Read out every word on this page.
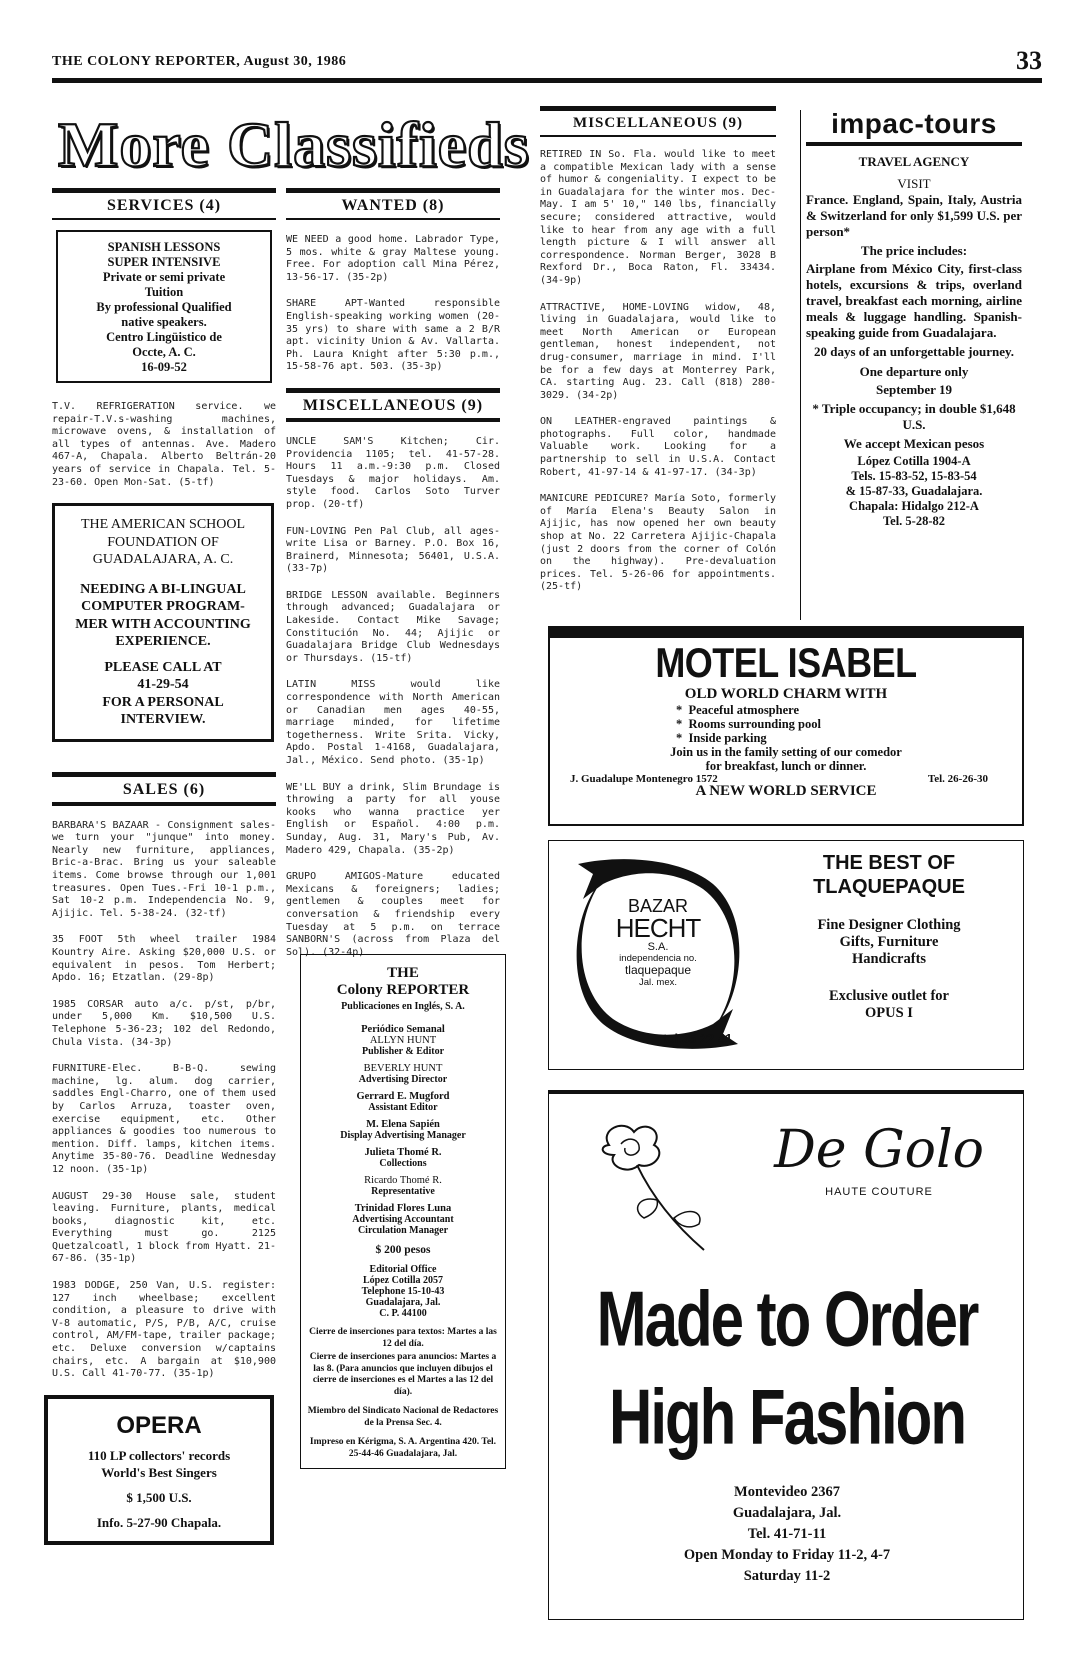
THE COLONY REPORTER, August 30, 1986	33
More Classifieds
SERVICES (4)

SPANISH LESSONS

SUPER INTENSIVE

Private or semi private

Tuition

By professional Qualified

native speakers.

Centro Lingüistico de

Occte, A. C.

16-09-52

T.V. REFRIGERATION service. we repair-T.V.s-washing machines, microwave ovens, & installation of all types of antennas. Ave. Madero 467-A, Chapala. Alberto Beltrán-20 years of service in Chapala. Tel. 5-23-60. Open Mon-Sat. (5-tf)

THE AMERICAN SCHOOL

FOUNDATION OF

GUADALAJARA, A. C.

NEEDING A BI-LINGUAL

COMPUTER PROGRAM-

MER WITH ACCOUNTING

EXPERIENCE.

PLEASE CALL AT

41-29-54

FOR A PERSONAL

INTERVIEW.

SALES (6)

BARBARA'S BAZAAR - Consignment sales-we turn your "junque" into money. Nearly new furniture, appliances, Bric-a-Brac. Bring us your saleable items. Come browse through our 1,001 treasures. Open Tues.-Fri 10-1 p.m., Sat 10-2 p.m. Independencia No. 9, Ajijic. Tel. 5-38-24. (32-tf)

35 FOOT 5th wheel trailer 1984 Kountry Aire. Asking $20,000 U.S. or equivalent in pesos. Tom Herbert; Apdo. 16; Etzatlan. (29-8p)

1985 CORSAR auto a/c. p/st, p/br, under 5,000 Km. $10,500 U.S. Telephone 5-36-23; 102 del Redondo, Chula Vista. (34-3p)

FURNITURE-Elec. B-B-Q. sewing machine, lg. alum. dog carrier, saddles Engl-Charro, one of them used by Carlos Arruza, toaster oven, exercise equipment, etc. Other appliances & goodies too numerous to mention. Diff. lamps, kitchen items. Anytime 35-80-76. Deadline Wednesday 12 noon. (35-1p)

AUGUST 29-30 House sale, student leaving. Furniture, plants, medical books, diagnostic kit, etc. Everything must go. 2125 Quetzalcoatl, 1 block from Hyatt. 21-67-86. (35-1p)

1983 DODGE, 250 Van, U.S. register: 127 inch wheelbase; excellent condition, a pleasure to drive with V-8 automatic, P/S, P/B, A/C, cruise control, AM/FM-tape, trailer package; etc. Deluxe conversion w/captains chairs, etc. A bargain at $10,900 U.S. Call 41-70-77. (35-1p)

OPERA

110 LP collectors' records

World's Best Singers

$ 1,500 U.S.

Info. 5-27-90 Chapala.

WANTED (8)

WE NEED a good home. Labrador Type, 5 mos. white & gray Maltese young. Free. For adoption call Mina Pérez, 13-56-17. (35-2p)

SHARE APT-Wanted responsible English-speaking working women (20-35 yrs) to share with same a 2 B/R apt. vicinity Union & Av. Vallarta. Ph. Laura Knight after 5:30 p.m., 15-58-76 apt. 503. (35-3p)

MISCELLANEOUS (9)

UNCLE SAM'S Kitchen; Cir. Providencia 1105; tel. 41-57-28. Hours 11 a.m.-9:30 p.m. Closed Tuesdays & major holidays. Am. style food. Carlos Soto Turver prop. (20-tf)

FUN-LOVING Pen Pal Club, all ages-write Lisa or Barney. P.O. Box 16, Brainerd, Minnesota; 56401, U.S.A. (33-7p)

BRIDGE LESSON available. Beginners through advanced; Guadalajara or Lakeside. Contact Mike Savage; Constitución No. 44; Ajijic or Guadalajara Bridge Club Wednesdays or Thursdays. (15-tf)

LATIN MISS would like correspondence with North American or Canadian men ages 40-55, marriage minded, for lifetime togetherness. Write Srita. Vicky, Apdo. Postal 1-4168, Guadalajara, Jal., México. Send photo. (35-1p)

WE'LL BUY a drink, Slim Brundage is throwing a party for all youse kooks who wanna practice yer English or Español. 4:00 p.m. Sunday, Aug. 31, Mary's Pub, Av. Madero 429, Chapala. (35-2p)

GRUPO AMIGOS-Mature educated Mexicans & foreigners; ladies; gentlemen & couples meet for conversation & friendship every Tuesday at 5 p.m. on terrace SANBORN'S (across from Plaza del Sol). (32-4p)

THE
Colony REPORTER
Publicaciones en Inglés, S. A.
Periódico Semanal
ALLYN HUNT
Publisher & Editor
BEVERLY HUNT
Advertising Director
Gerrard E. Mugford
Assistant Editor
M. Elena Sapién
Display Advertising Manager
Julieta Thomé R.
Collections
Ricardo Thomé R.
Representative
Trinidad Flores Luna
Advertising Accountant
Circulation Manager
$ 200 pesos
Editorial Office
López Cotilla 2057
Telephone 15-10-43
Guadalajara, Jal.
C. P. 44100
Cierre de inserciones para textos: Martes a las 12 del día.
Cierre de inserciones para anuncios: Martes a las 8. (Para anuncios que incluyen dibujos el cierre de inserciones es el Martes a las 12 del día).
Miembro del Sindicato Nacional de Redactores de la Prensa Sec. 4.
Impreso en Kérigma, S. A. Argentina 420. Tel. 25-44-46 Guadalajara, Jal.
MISCELLANEOUS (9)

RETIRED IN So. Fla. would like to meet a compatible Mexican lady with a sense of humor & congeniality. I expect to be in Guadalajara for the winter mos. Dec-May. I am 5' 10," 140 lbs, financially secure; considered attractive, would like to hear from any age with a full length picture & I will answer all correspondence. Norman Berger, 3028 B Rexford Dr., Boca Raton, Fl. 33434. (34-9p)

ATTRACTIVE, HOME-LOVING widow, 48, living in Guadalajara, would like to meet North American or European gentleman, honest independent, not drug-consumer, marriage in mind. I'll be for a few days at Monterrey Park, CA. starting Aug. 23. Call (818) 280-3029. (34-2p)

ON LEATHER-engraved paintings & photographs. Full color, handmade Valuable work. Looking for a partnership to sell in U.S.A. Contact Robert, 41-97-14 & 41-97-17. (34-3p)

MANICURE PEDICURE? María Soto, formerly of María Elena's Beauty Salon in Ajijic, has now opened her own beauty shop at No. 22 Carretera Ajijic-Chapala (just 2 doors from the corner of Colón on the highway). Pre-devaluation prices. Tel. 5-26-06 for appointments. (25-tf)

impac-tours
TRAVEL AGENCY
VISIT
France. England, Spain, Italy, Austria & Switzerland for only $1,599 U.S. per person*
The price includes:
Airplane from México City, first-class hotels, excursions & trips, overland travel, breakfast each morning, airline meals & luggage handling. Spanish-speaking guide from Guadalajara.
20 days of an unforgettable journey.
One departure only
September 19
* Triple occupancy; in double $1,648 U.S.
We accept Mexican pesos
López Cotilla 1904-A
Tels. 15-83-52, 15-83-54
& 15-87-33, Guadalajara.
Chapala: Hidalgo 212-A
Tel. 5-28-82
MOTEL ISABEL
OLD WORLD CHARM WITH
*  Peaceful atmosphere
*  Rooms surrounding pool
*  Inside parking
Join us in the family setting of our comedor
for breakfast, lunch or dinner.
J. Guadalupe Montenegro 1572	Tel. 26-26-30
A NEW WORLD SERVICE
BAZAR
HECHT
S.A.
independencia no.
tlaquepaque
Jal. mex.
tel.35 22 41
THE BEST OF
TLAQUEPAQUE
Fine Designer Clothing
Gifts, Furniture
Handicrafts
Exclusive outlet for
OPUS I
De Golo
HAUTE COUTURE
Made to Order
High Fashion
Montevideo 2367
Guadalajara, Jal.
Tel. 41-71-11
Open Monday to Friday 11-2, 4-7
Saturday 11-2
